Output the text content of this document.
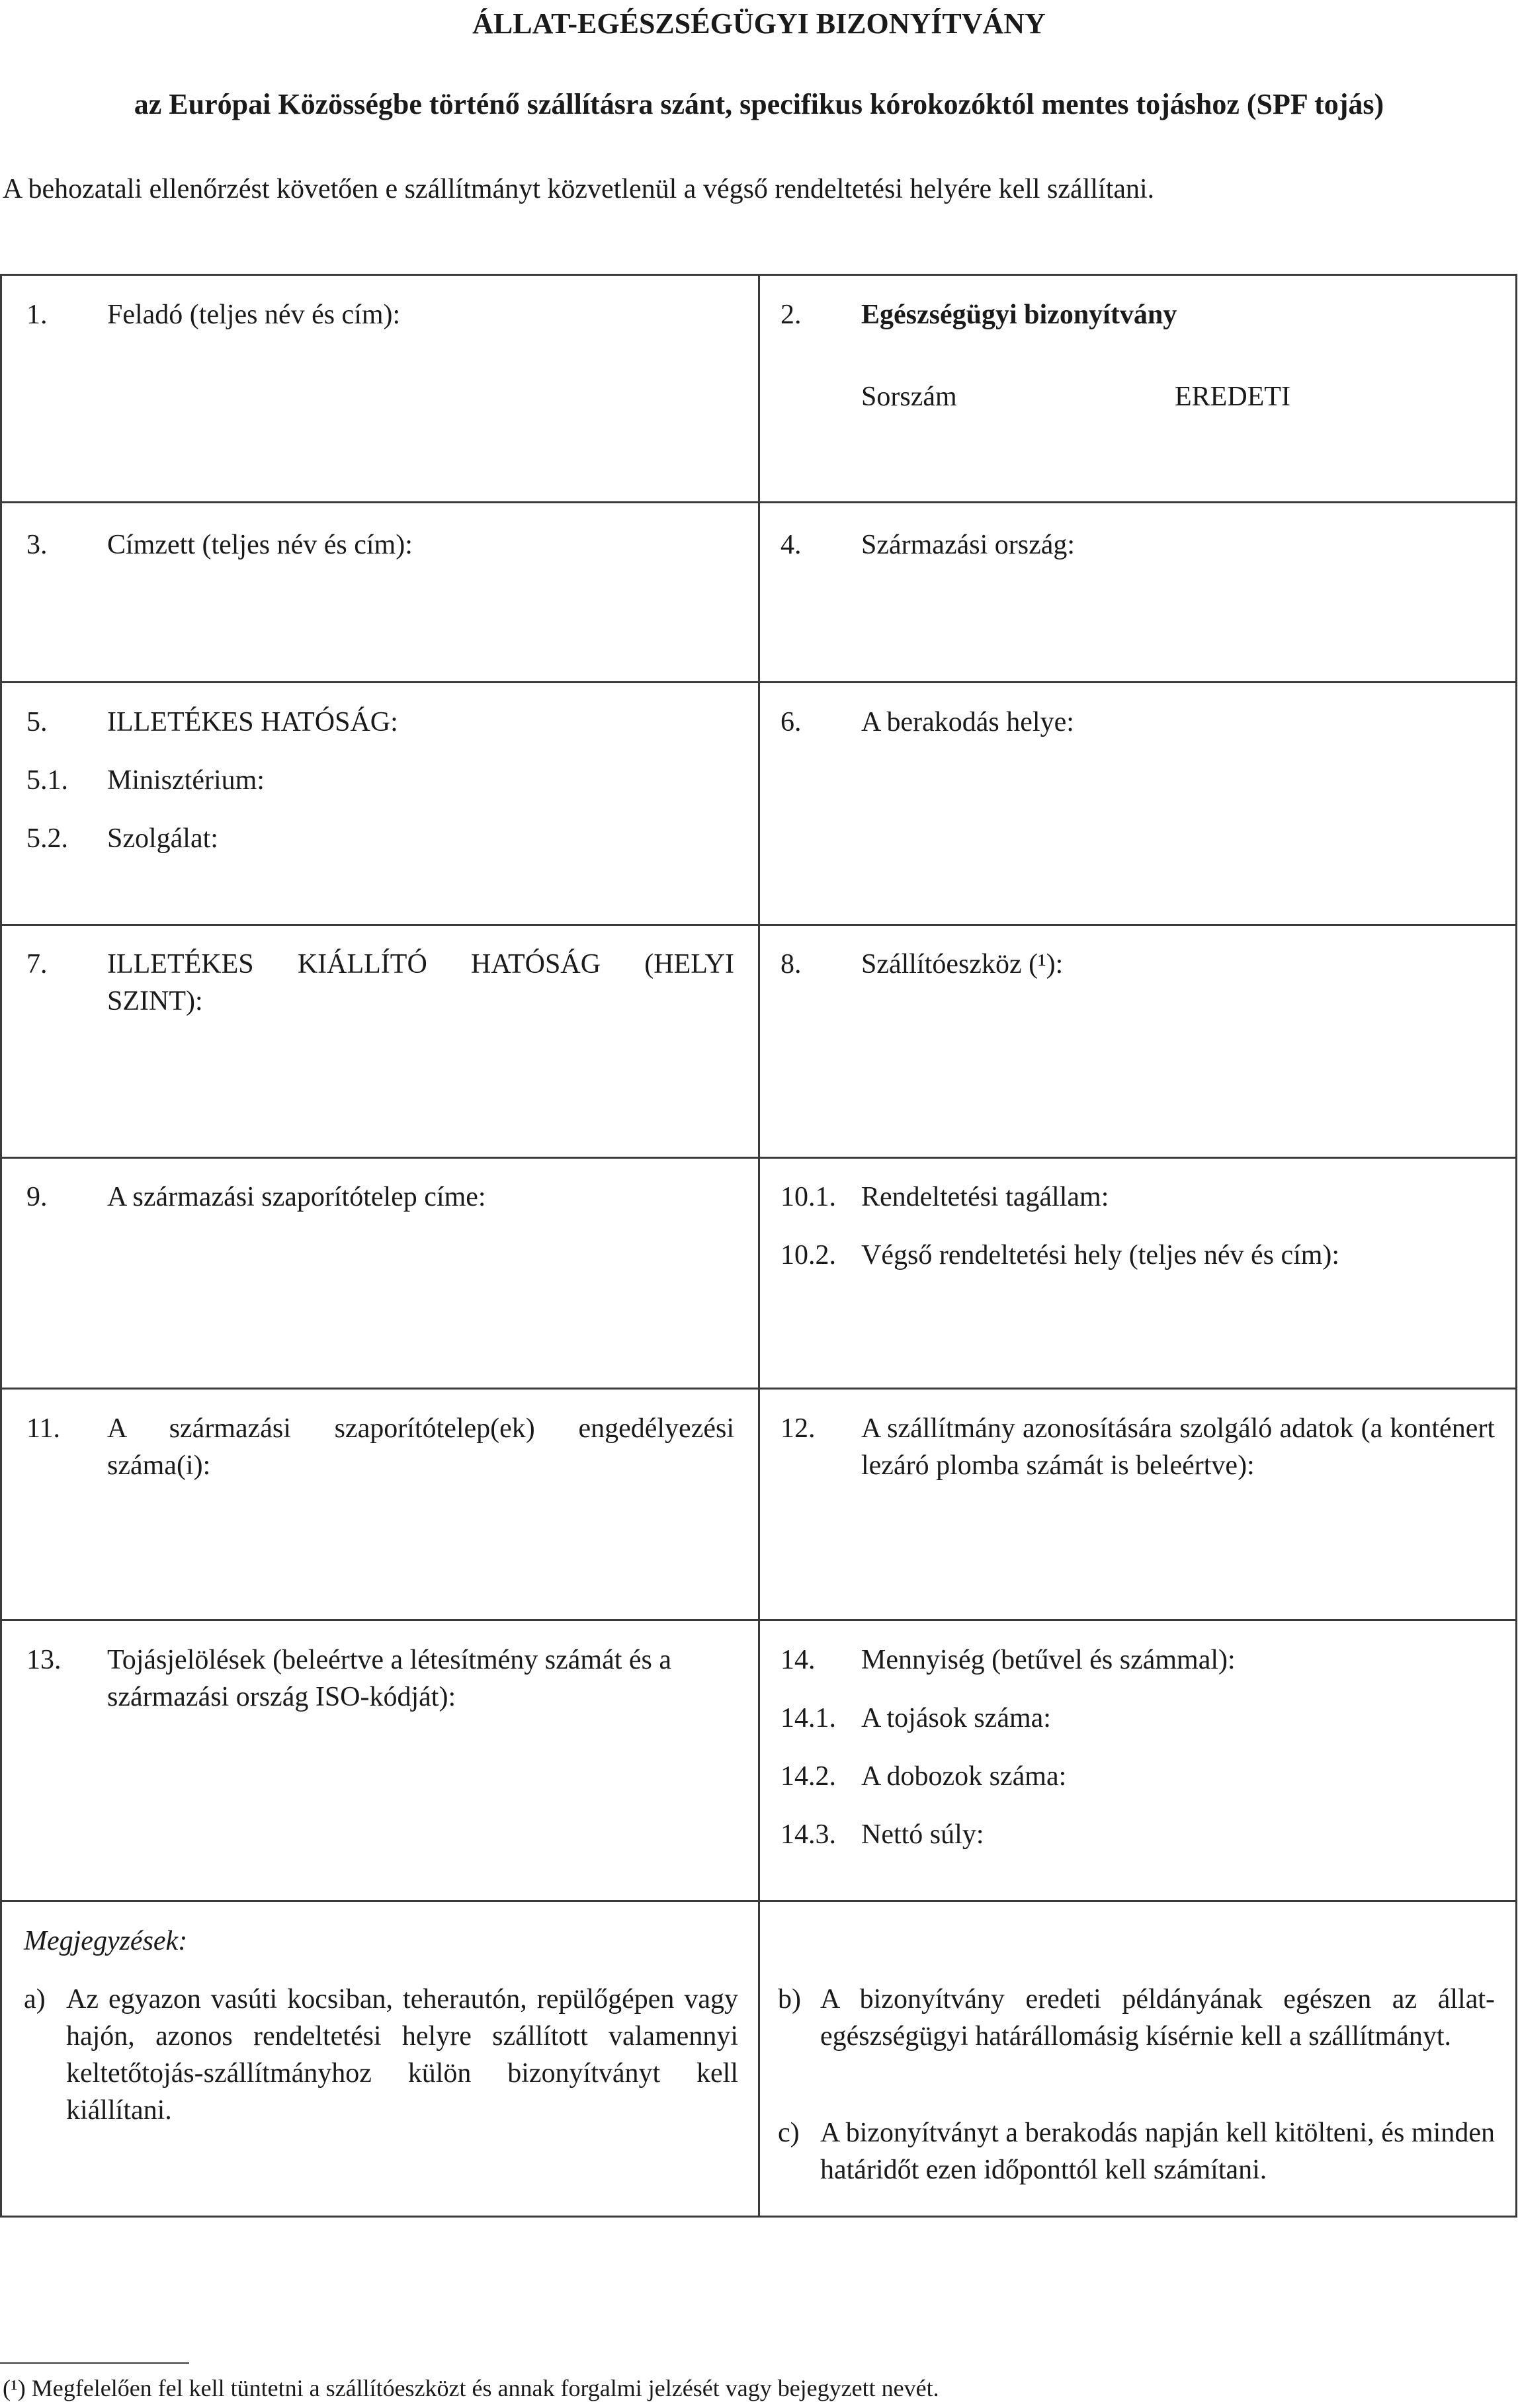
ÁLLAT-EGÉSZSÉGÜGYI BIZONYÍTVÁNY
az Európai Közösségbe történő szállításra szánt, specifikus kórokozóktól mentes tojáshoz (SPF tojás)
A behozatali ellenőrzést követően e szállítmányt közvetlenül a végső rendeltetési helyére kell szállítani.
1. Feladó (teljes név és cím):	2. Egészségügyi bizonyítvány
Sorszám	EREDETI
3. Címzett (teljes név és cím):	4. Származási ország:
5. ILLETÉKES HATÓSÁG:
5.1. Minisztérium:
5.2. Szolgálat:
6. A berakodás helye:
7. ILLETÉKES KIÁLLÍTÓ HATÓSÁG (HELYI SZINT):
8. Szállítóeszköz (¹):
9. A származási szaporítótelep címe:	10.1. Rendeltetési tagállam:
10.2. Végső rendeltetési hely (teljes név és cím):
11. A származási szaporítótelep(ek) engedélyezési száma(i):
12. A szállítmány azonosítására szolgáló adatok (a konténert lezáró plomba számát is beleértve):
13. Tojásjelölések (beleértve a létesítmény számát és a származási ország ISO-kódját):
14. Mennyiség (betűvel és számmal):
14.1. A tojások száma:
14.2. A dobozok száma:
14.3. Nettó súly:
Megjegyzések:
a) Az egyazon vasúti kocsiban, teherautón, repülőgépen vagy hajón, azonos rendeltetési helyre szállított valamennyi keltetőtojás-szállítmányhoz külön bizonyítványt kell kiállítani.
b) A bizonyítvány eredeti példányának egészen az állat-egészségügyi határállomásig kísérnie kell a szállítmányt.
c) A bizonyítványt a berakodás napján kell kitölteni, és minden határidőt ezen időponttól kell számítani.
(¹) Megfelelően fel kell tüntetni a szállítóeszközt és annak forgalmi jelzését vagy bejegyzett nevét.
